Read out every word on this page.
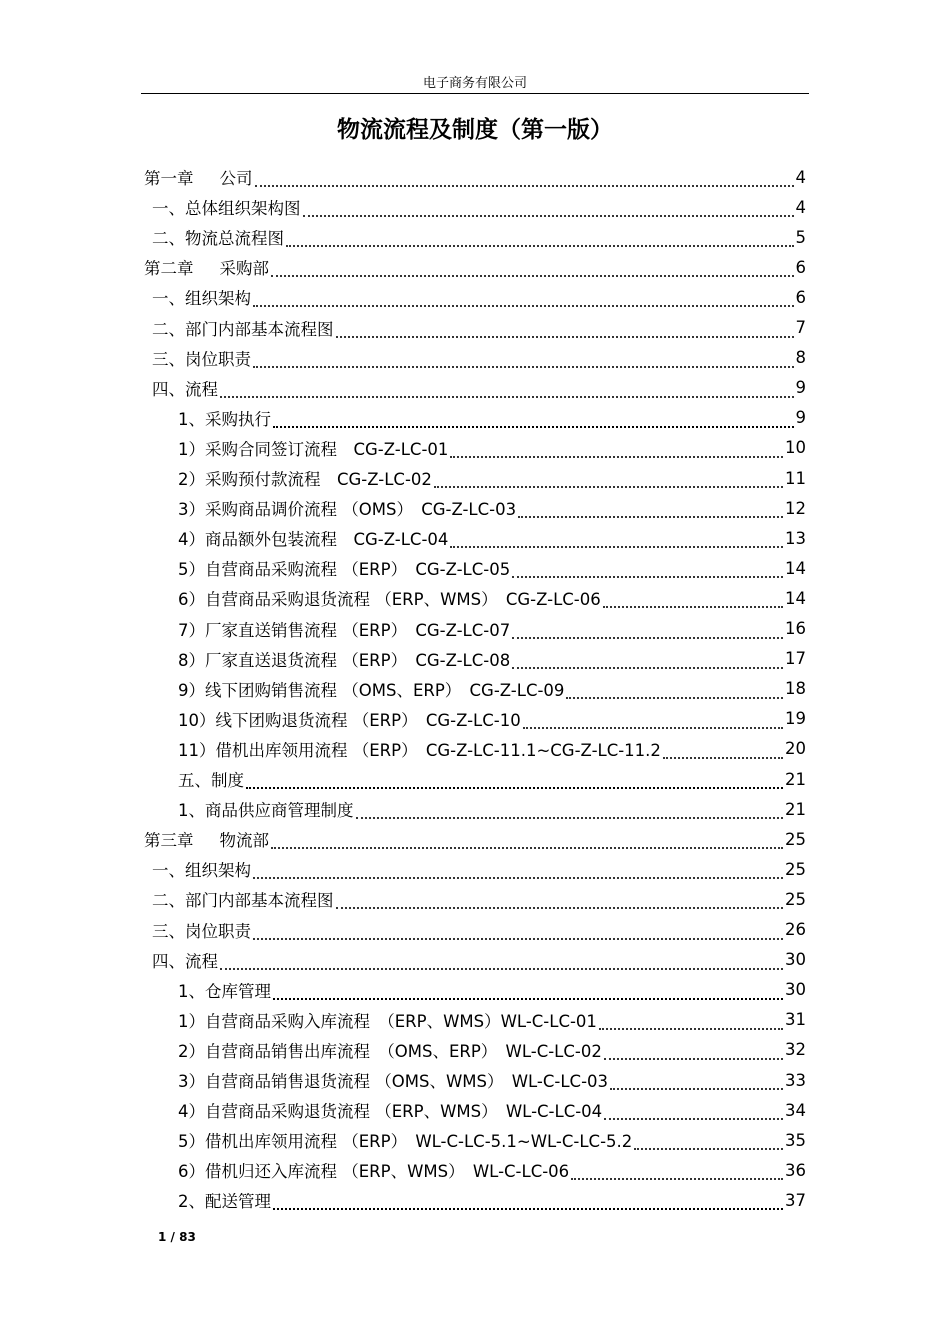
电子商务有限公司
物流流程及制度（第一版）
第一章 公司	4
一、总体组织架构图	4
二、物流总流程图	5
第二章 采购部	6
一、组织架构	6
二、部门内部基本流程图	7
三、岗位职责	8
四、流程	9
1、采购执行	9
1）采购合同签订流程　CG-Z-LC-01	10
2）采购预付款流程　CG-Z-LC-02	11
3）采购商品调价流程 （OMS）　CG-Z-LC-03	12
4）商品额外包装流程　CG-Z-LC-04	13
5）自营商品采购流程 （ERP）　CG-Z-LC-05	14
6）自营商品采购退货流程 （ERP、WMS）　CG-Z-LC-06	14
7）厂家直送销售流程 （ERP）　CG-Z-LC-07	16
8）厂家直送退货流程 （ERP）　CG-Z-LC-08	17
9）线下团购销售流程 （OMS、ERP）　CG-Z-LC-09	18
10）线下团购退货流程 （ERP）　CG-Z-LC-10	19
11）借机出库领用流程 （ERP）　CG-Z-LC-11.1~CG-Z-LC-11.2	20
五、制度	21
1、商品供应商管理制度	21
第三章 物流部	25
一、组织架构	25
二、部门内部基本流程图	25
三、岗位职责	26
四、流程	30
1、仓库管理	30
1）自营商品采购入库流程　（ERP、WMS）WL-C-LC-01	31
2）自营商品销售出库流程　（OMS、ERP）　WL-C-LC-02	32
3）自营商品销售退货流程 （OMS、WMS）　WL-C-LC-03	33
4）自营商品采购退货流程 （ERP、WMS）　WL-C-LC-04	34
5）借机出库领用流程 （ERP）　WL-C-LC-5.1~WL-C-LC-5.2	35
6）借机归还入库流程 （ERP、WMS）　WL-C-LC-06	36
2、配送管理	37
1 / 83
